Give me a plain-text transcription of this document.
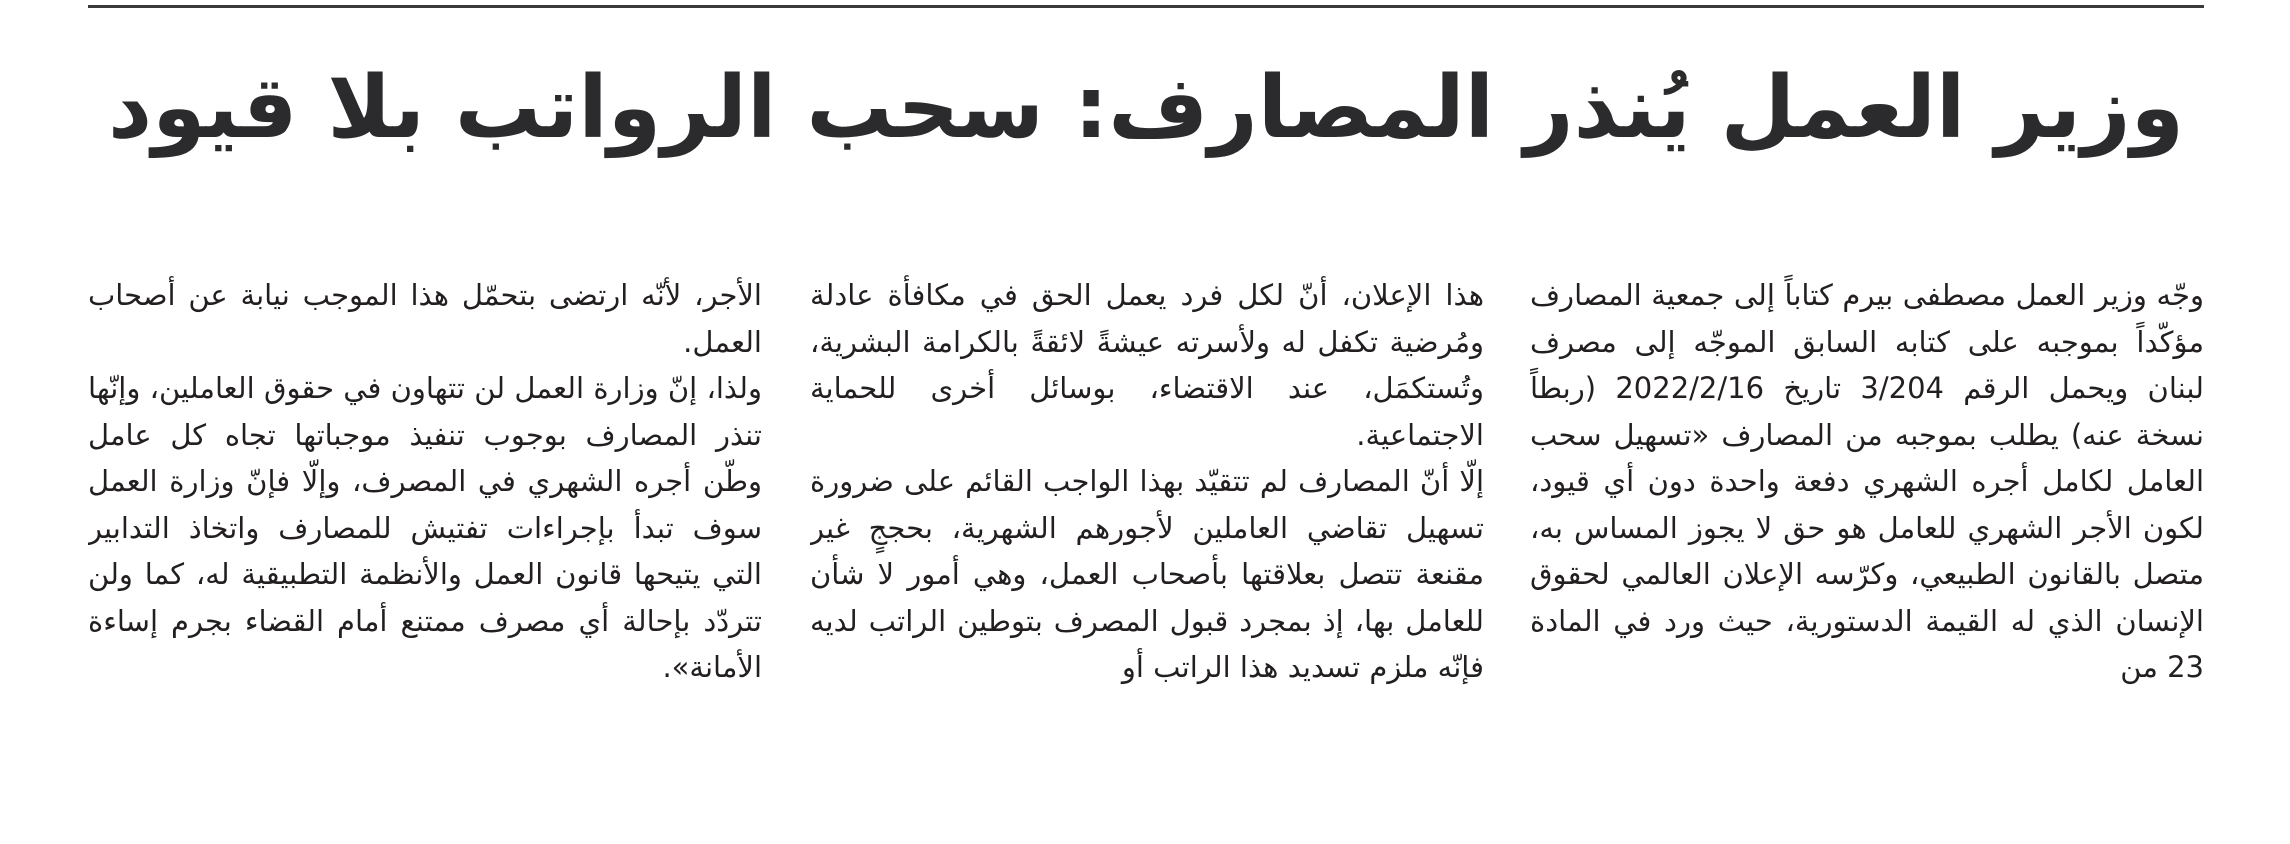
وزير العمل يُنذر المصارف: سحب الرواتب بلا قيود

وجّه وزير العمل مصطفى بيرم كتاباً إلى جمعية المصارف مؤكّداً بموجبه على كتابه السابق الموجّه إلى مصرف لبنان ويحمل الرقم 3/204 تاريخ 2022/2/16 (ربطاً نسخة عنه) يطلب بموجبه من المصارف «تسهيل سحب العامل لكامل أجره الشهري دفعة واحدة دون أي قيود، لكون الأجر الشهري للعامل هو حق لا يجوز المساس به، متصل بالقانون الطبيعي، وكرّسه الإعلان العالمي لحقوق الإنسان الذي له القيمة الدستورية، حيث ورد في المادة 23 من

هذا الإعلان، أنّ لكل فرد يعمل الحق في مكافأة عادلة ومُرضية تكفل له ولأسرته عيشةً لائقةً بالكرامة البشرية، وتُستكمَل، عند الاقتضاء، بوسائل أخرى للحماية الاجتماعية.

إلّا أنّ المصارف لم تتقيّد بهذا الواجب القائم على ضرورة تسهيل تقاضي العاملين لأجورهم الشهرية، بحججٍ غير مقنعة تتصل بعلاقتها بأصحاب العمل، وهي أمور لا شأن للعامل بها، إذ بمجرد قبول المصرف بتوطين الراتب لديه فإنّه ملزم تسديد هذا الراتب أو

الأجر، لأنّه ارتضى بتحمّل هذا الموجب نيابة عن أصحاب العمل.

ولذا، إنّ وزارة العمل لن تتهاون في حقوق العاملين، وإنّها تنذر المصارف بوجوب تنفيذ موجباتها تجاه كل عامل وطّن أجره الشهري في المصرف، وإلّا فإنّ وزارة العمل سوف تبدأ بإجراءات تفتيش للمصارف واتخاذ التدابير التي يتيحها قانون العمل والأنظمة التطبيقية له، كما ولن تتردّد بإحالة أي مصرف ممتنع أمام القضاء بجرم إساءة الأمانة».
